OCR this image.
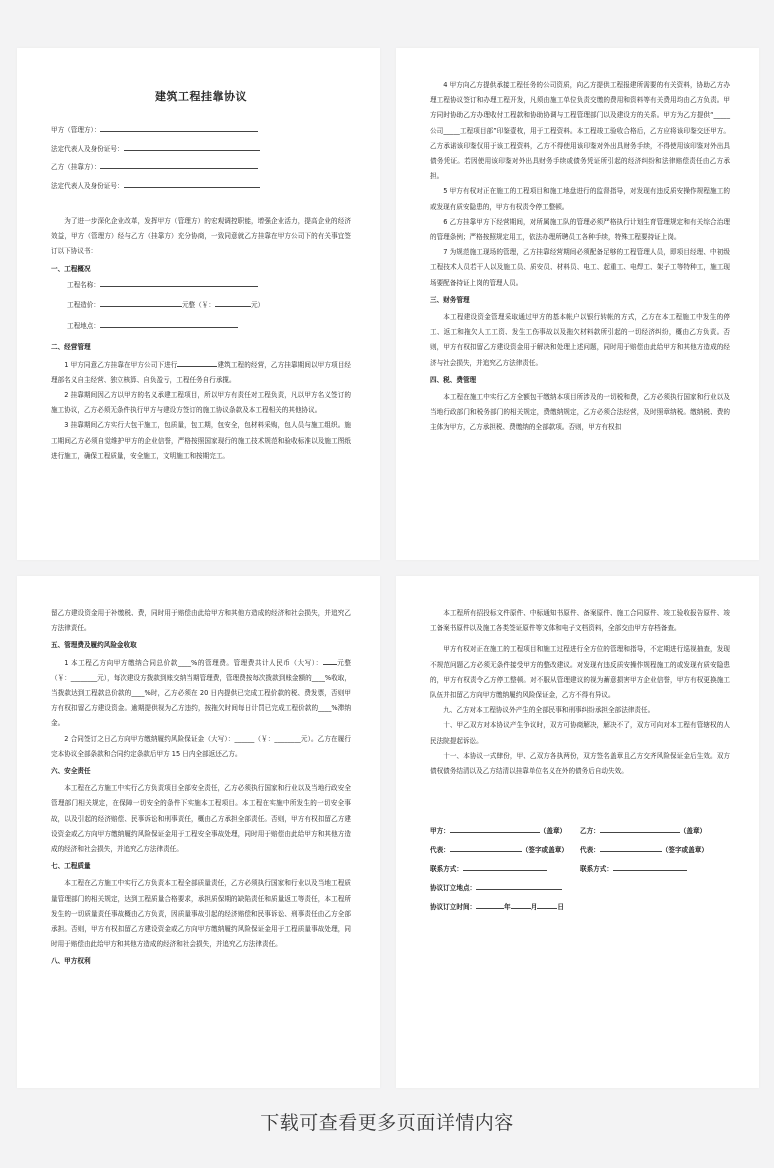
建筑工程挂靠协议
甲方（管理方）：
法定代表人及身份证号：
乙方（挂靠方）：
法定代表人及身份证号：

为了进一步深化企业改革，发挥甲方（管理方）的宏观调控职能，增强企业活力，提高企业的经济效益，甲方（管理方）经与乙方（挂靠方）充分协商，一致同意就乙方挂靠在甲方公司下的有关事宜签订以下协议书：

一、工程概况
工程名称：
工程造价：	元整（￥：	元）
工程地点：
二、经营管理

1 甲方同意乙方挂靠在甲方公司下进行	建筑工程的经营，乙方挂靠期间以甲方项目经理部名义自主经营、独立核算、自负盈亏，工程任务自行承揽。

2 挂靠期间因乙方以甲方的名义承建工程项目，所以甲方有责任对工程负责，凡以甲方名义签订的施工协议，乙方必须无条件执行甲方与建设方签订的施工协议条款及本工程相关的其他协议。

3 挂靠期间乙方实行大包干施工，包质量，包工期，包安全，包材料采购，包人员与施工组织。施工期间乙方必须自觉维护甲方的企业信誉，严格按照国家现行的施工技术规范和验收标准以及施工图纸进行施工，确保工程质量，安全施工，文明施工和按期完工。

4 甲方向乙方提供承接工程任务的公司资质，向乙方提供工程报建所需要的有关资料，协助乙方办理工程协议签订和办理工程开发，凡须由施工单位负责交缴的费用和资料等有关费用均由乙方负责。甲方同时协助乙方办理收付工程款和协助协调与工程管理部门以及建设方的关系。甲方为乙方提供“_____公司_____工程项目部”印鉴壹枚，用于工程资料。本工程竣工验收合格后，乙方应将该印鉴交还甲方。乙方承诺该印鉴仅用于该工程资料，乙方不得使用该印鉴对外出具财务手续，不得使用该印鉴对外出具债务凭证。若因使用该印鉴对外出具财务手续或债务凭证所引起的经济纠纷和法律赔偿责任由乙方承担。

5 甲方有权对正在施工的工程项目和施工地盘进行的监督指导，对发现有违反质安操作规程施工的或发现有质安隐患的，甲方有权责令停工整顿。

6 乙方挂靠甲方下经营期间，对所属施工队的管理必须严格执行计划生育管理规定和有关综合治理的管理条例；严格按照规定用工，依法办理所聘员工各种手续，特殊工程要持证上岗。

7 为规范施工现场的管理，乙方挂靠经营期间必须配备足够的工程管理人员，即项目经理、中初级工程技术人员若干人以及施工员、质安员、材料员、电工、起重工、电焊工、架子工等特种工，施工现场要配备持证上岗的管理人员。

三、财务管理

本工程建设资金管理采取通过甲方的基本帐户以银行转帐的方式，乙方在本工程施工中发生的停工、返工和拖欠人工工资、发生工伤事故以及拖欠材料款所引起的一切经济纠纷，概由乙方负责。否则，甲方有权扣留乙方建设资金用于解决和处理上述问题，同时用于赔偿由此给甲方和其他方造成的经济与社会损失，并追究乙方法律责任。

四、税、费管理

本工程在施工中实行乙方全额包干缴纳本项目所涉及的一切税和费，乙方必须执行国家和行业以及当地行政部门和税务部门的相关规定，费缴纳规定，乙方必须合法经营，及时照章纳税。缴纳税、费的主体为甲方，乙方承担税、费缴纳的全部款项。否则，甲方有权扣

留乙方建设资金用于补缴税、费，同时用于赔偿由此给甲方和其他方造成的经济和社会损失，并追究乙方法律责任。

五、管理费及履约风险金收取

1 本工程乙方向甲方缴纳合同总价款____%的管理费。管理费共计人民币（大写）： 元整（￥：________元），每次建设方拨款到账交纳当期管理费，管理费按每次拨款到账金额的____%收取，当拨款达到工程款总价款的____%时，乙方必须在 20 日内提供已完成工程价款的税、费发票，否则甲方有权扣留乙方建设资金。逾期提供视为乙方违约，按拖欠时间每日计罚已完成工程价款的____%滞纳金。

2 合同签订之日乙方向甲方缴纳履约风险保证金（大写）：______（￥：________元）。乙方在履行完本协议全部条款和合同约定条款后甲方 15 日内全部返还乙方。

六、安全责任

本工程在乙方施工中实行乙方负责项目全部安全责任，乙方必须执行国家和行业以及当地行政安全管理部门相关规定，在保障一切安全的条件下实施本工程项目。本工程在实施中所发生的一切安全事故，以及引起的经济赔偿、民事诉讼和刑事责任，概由乙方承担全部责任。否则，甲方有权扣留乙方建设资金或乙方向甲方缴纳履约风险保证金用于工程安全事故处理，同时用于赔偿由此给甲方和其他方造成的经济和社会损失，并追究乙方法律责任。

七、工程质量

本工程在乙方施工中实行乙方负责本工程全部质量责任，乙方必须执行国家和行业以及当地工程质量管理部门的相关规定，达到工程质量合格要求，承担质保期的缺陷责任和质量返工等责任，本工程所发生的一切质量责任事故概由乙方负责，因质量事故引起的经济赔偿和民事诉讼、刑事责任由乙方全部承担。否则，甲方有权扣留乙方建设资金或乙方向甲方缴纳履约风险保证金用于工程质量事故处理，同时用于赔偿由此给甲方和其他方造成的经济和社会损失，并追究乙方法律责任。

八、甲方权利

本工程所有招投标文件原件、中标通知书原件、备案原件、施工合同原件、竣工验收报告原件、竣工备案书原件以及施工各类签证原件等文体和电子文档资料，全部交由甲方存档备查。

甲方有权对正在施工的工程项目和施工过程进行全方位的管理和指导，不定期进行巡视抽查，发现不规范问题乙方必须无条件接受甲方的整改建议。对发现有违反质安操作规程施工的或发现有质安隐患的，甲方有权责令乙方停工整顿。对不服从管理建议的视为蓄意损害甲方企业信誉，甲方有权更换施工队伍并扣留乙方向甲方缴纳履约风险保证金，乙方不得有异议。

九、乙方对本工程协议外产生的全部民事和刑事纠纷承担全部法律责任。

十、甲乙双方对本协议产生争议时，双方可协商解决，解决不了，双方可向对本工程有管辖权的人民法院提起诉讼。

十一、本协议一式肆份，甲、乙双方各执两份，双方签名盖章且乙方交齐风险保证金后生效。双方债权债务结清以及乙方结清以挂靠单位名义在外的债务后自动失效。

甲方：	（盖章）	乙方：	（盖章）
代表：	（签字或盖章）	代表：	（签字或盖章）
联系方式：	联系方式：
协议订立地点：
协议订立时间：	年	月	日
下载可查看更多页面详情内容
